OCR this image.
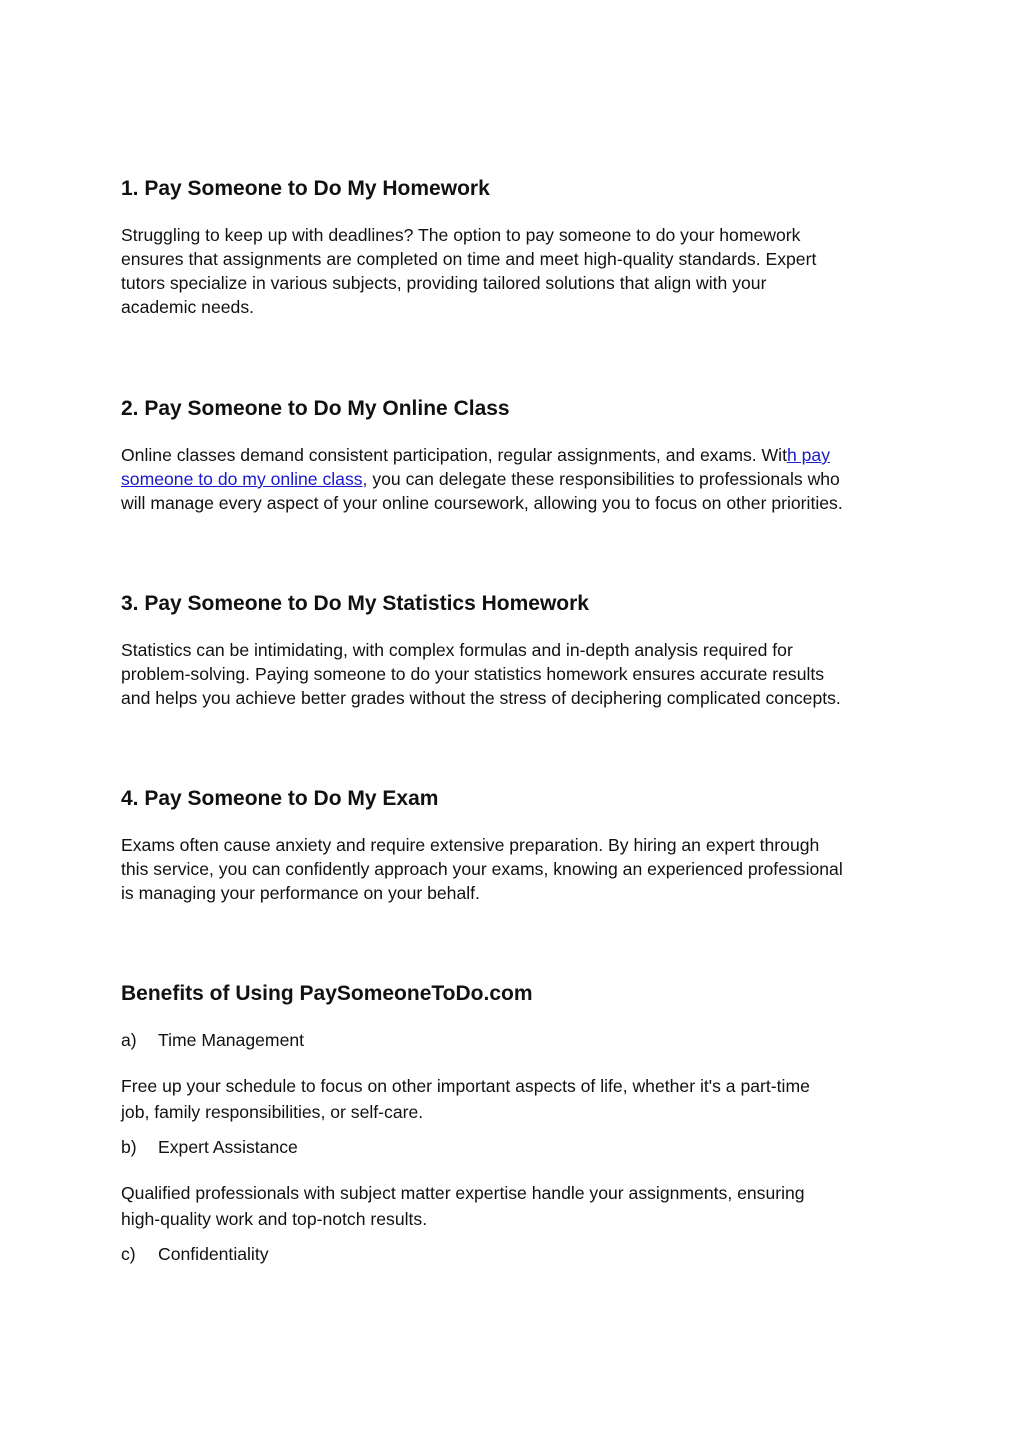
1. Pay Someone to Do My Homework

Struggling to keep up with deadlines? The option to pay someone to do your homework
ensures that assignments are completed on time and meet high-quality standards. Expert
tutors specialize in various subjects, providing tailored solutions that align with your
academic needs.

2. Pay Someone to Do My Online Class

Online classes demand consistent participation, regular assignments, and exams. With pay
someone to do my online class, you can delegate these responsibilities to professionals who
will manage every aspect of your online coursework, allowing you to focus on other priorities.

3. Pay Someone to Do My Statistics Homework

Statistics can be intimidating, with complex formulas and in-depth analysis required for
problem-solving. Paying someone to do your statistics homework ensures accurate results
and helps you achieve better grades without the stress of deciphering complicated concepts.

4. Pay Someone to Do My Exam

Exams often cause anxiety and require extensive preparation. By hiring an expert through
this service, you can confidently approach your exams, knowing an experienced professional
is managing your performance on your behalf.

Benefits of Using PaySomeoneToDo.com

a) Time Management

Free up your schedule to focus on other important aspects of life, whether it's a part-time
job, family responsibilities, or self-care.

b) Expert Assistance

Qualified professionals with subject matter expertise handle your assignments, ensuring
high-quality work and top-notch results.

c) Confidentiality
